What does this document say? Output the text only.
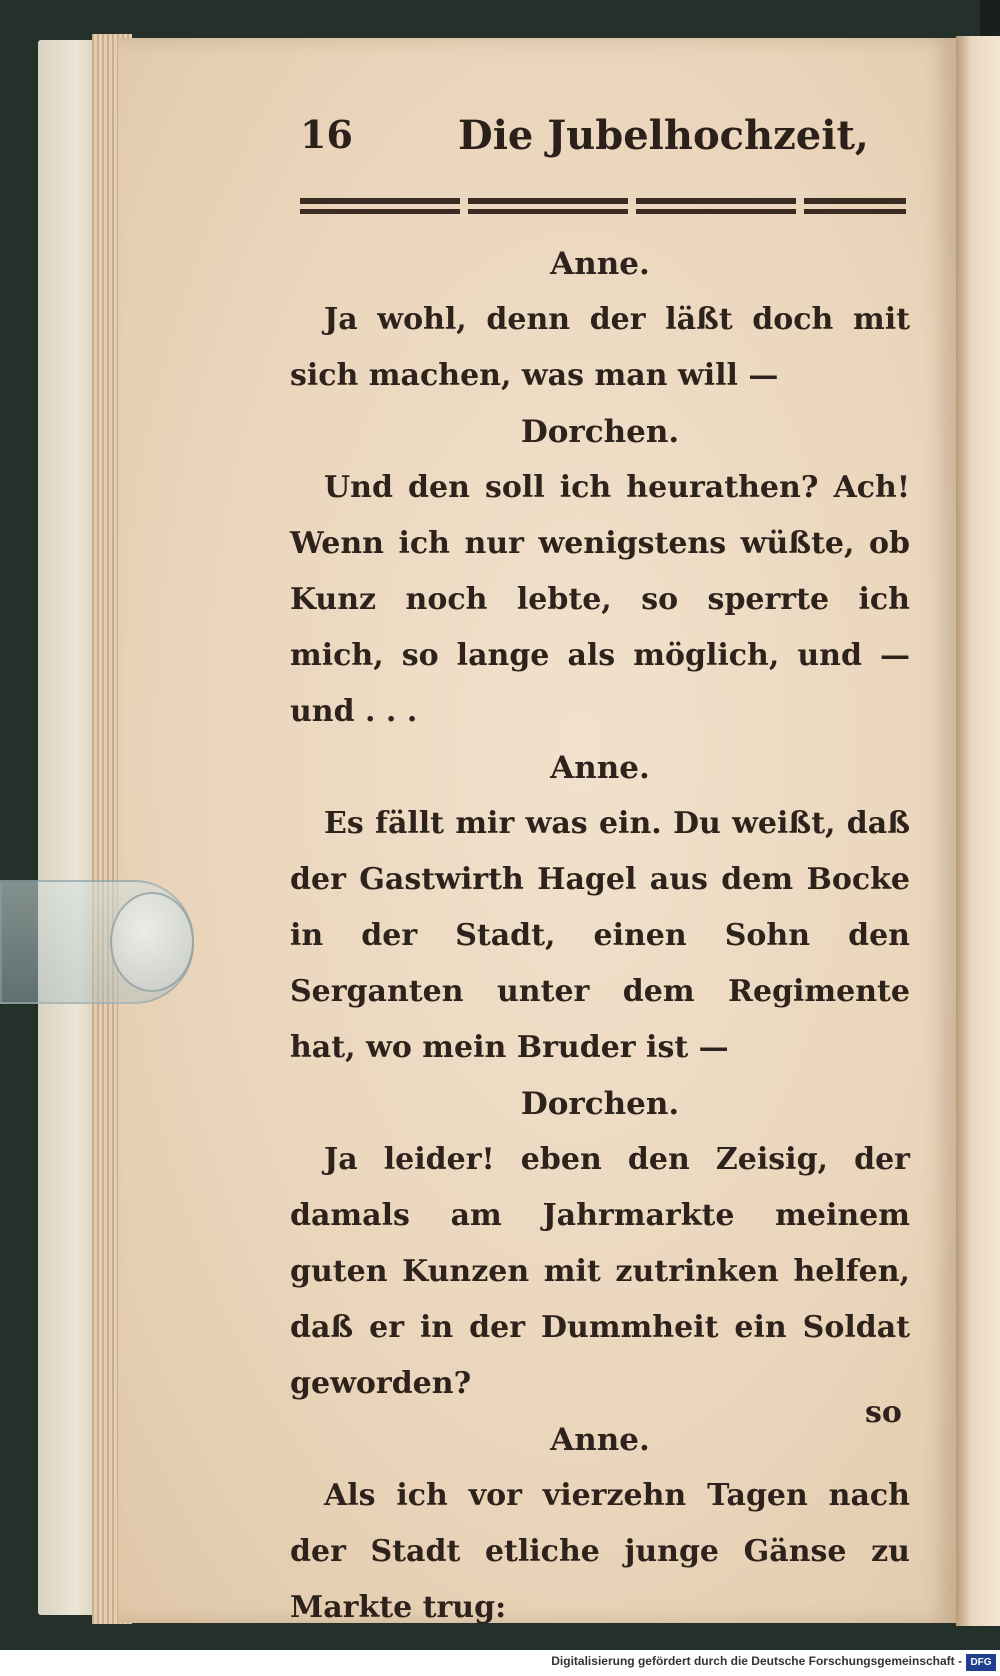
16	Die Jubelhochzeit,
Anne.

Ja wohl, denn der läßt doch mit sich machen, was man will —

Dorchen.

Und den soll ich heurathen? Ach! Wenn ich nur wenigstens wüßte, ob Kunz noch lebte, so sperrte ich mich, so lange als möglich, und — und . . .

Anne.

Es fällt mir was ein. Du weißt, daß der Gastwirth Hagel aus dem Bocke in der Stadt, einen Sohn den Serganten unter dem Regimente hat, wo mein Bruder ist —

Dorchen.

Ja leider! eben den Zeisig, der damals am Jahrmarkte meinem guten Kunzen mit zutrinken helfen, daß er in der Dummheit ein Soldat geworden?

Anne.

Als ich vor vierzehn Tagen nach der Stadt etliche junge Gänse zu Markte trug:

so
Digitalisierung gefördert durch die Deutsche Forschungsgemeinschaft - DFG
